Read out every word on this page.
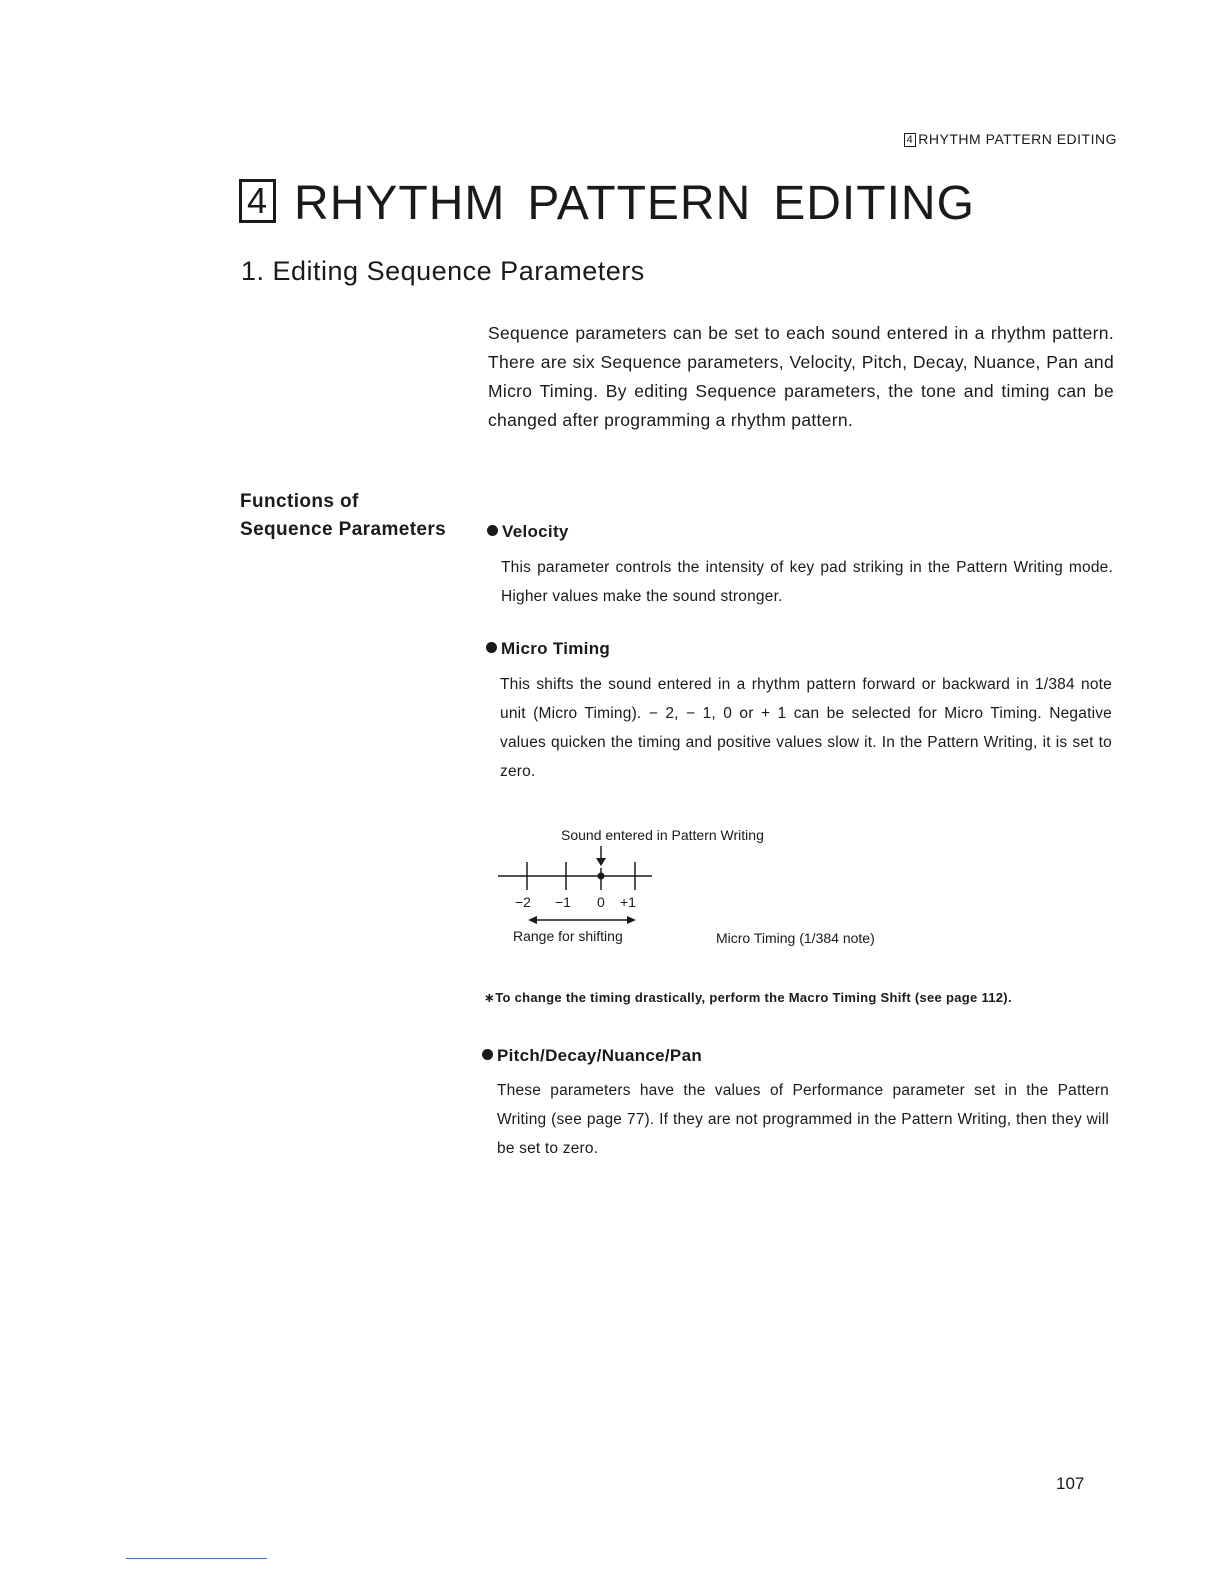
4 RHYTHM PATTERN EDITING
4 RHYTHM PATTERN EDITING
1. Editing Sequence Parameters

Sequence parameters can be set to each sound entered in a rhythm pattern. There are six Sequence parameters, Velocity, Pitch, Decay, Nuance, Pan and Micro Timing. By editing Sequence parameters, the tone and timing can be changed after programming a rhythm pattern.

Functions of
Sequence Parameters	Velocity

This parameter controls the intensity of key pad striking in the Pattern Writing mode. Higher values make the sound stronger.

Micro Timing

This shifts the sound entered in a rhythm pattern forward or backward in 1/384 note unit (Micro Timing). − 2, − 1, 0 or + 1 can be selected for Micro Timing. Negative values quicken the timing and positive values slow it. In the Pattern Writing, it is set to zero.

Sound entered in Pattern Writing
−2 −1 0 +1
Range for shifting	Micro Timing (1/384 note)
∗To change the timing drastically, perform the Macro Timing Shift (see page 112).
Pitch/Decay/Nuance/Pan

These parameters have the values of Performance parameter set in the Pattern Writing (see page 77). If they are not programmed in the Pattern Writing, then they will be set to zero.

107
